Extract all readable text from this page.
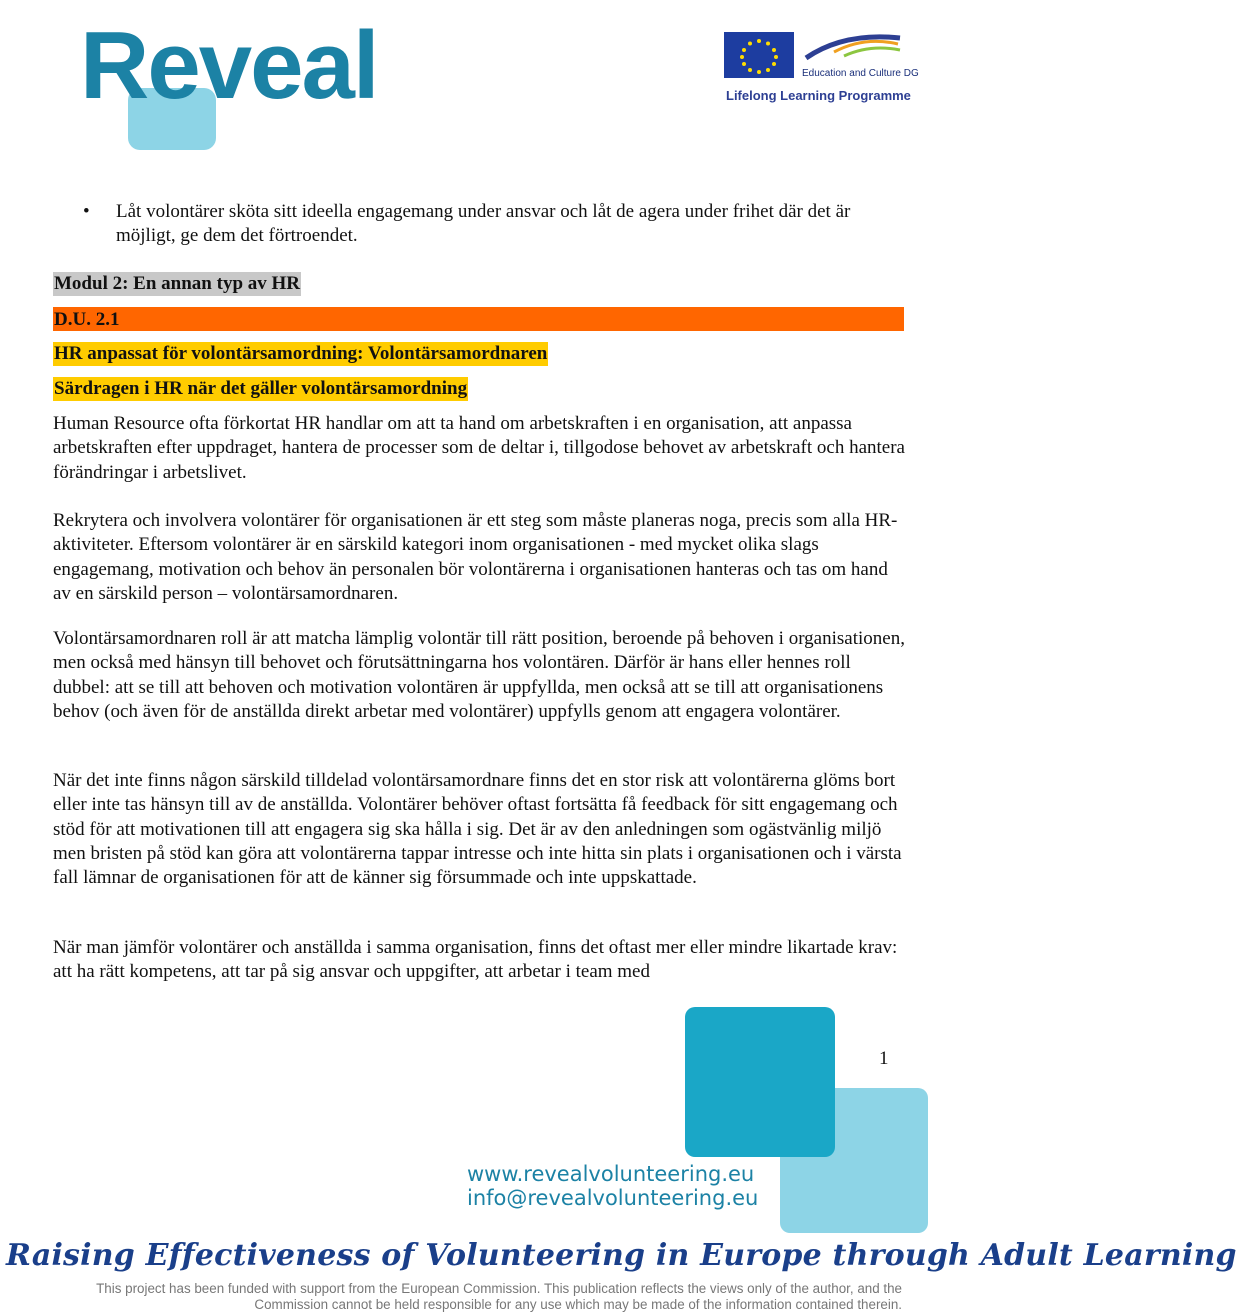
Reveal	Education and Culture DG
Lifelong Learning Programme
• Låt volontärer sköta sitt ideella engagemang under ansvar och låt de agera under frihet där det är möjligt, ge dem det förtroendet.
Modul 2: En annan typ av HR
D.U. 2.1
HR anpassat för volontärsamordning: Volontärsamordnaren
Särdragen i HR när det gäller volontärsamordning
Human Resource ofta förkortat HR handlar om att ta hand om arbetskraften i en organisation, att anpassa arbetskraften efter uppdraget, hantera de processer som de deltar i, tillgodose behovet av arbetskraft och hantera förändringar i arbetslivet.
Rekrytera och involvera volontärer för organisationen är ett steg som måste planeras noga, precis som alla HR- aktiviteter. Eftersom volontärer är en särskild kategori inom organisationen - med mycket olika slags engagemang, motivation och behov än personalen bör volontärerna i organisationen hanteras och tas om hand av en särskild person – volontärsamordnaren.
Volontärsamordnaren roll är att matcha lämplig volontär till rätt position, beroende på behoven i organisationen, men också med hänsyn till behovet och förutsättningarna hos volontären. Därför är hans eller hennes roll dubbel: att se till att behoven och motivation volontären är uppfyllda, men också att se till att organisationens behov (och även för de anställda direkt arbetar med volontärer) uppfylls genom att engagera volontärer.
När det inte finns någon särskild tilldelad volontärsamordnare finns det en stor risk att volontärerna glöms bort eller inte tas hänsyn till av de anställda. Volontärer behöver oftast fortsätta få feedback för sitt engagemang och stöd för att motivationen till att engagera sig ska hålla i sig. Det är av den anledningen som ogästvänlig miljö men bristen på stöd kan göra att volontärerna tappar intresse och inte hitta sin plats i organisationen och i värsta fall lämnar de organisationen för att de känner sig försummade och inte uppskattade.
När man jämför volontärer och anställda i samma organisation, finns det oftast mer eller mindre likartade krav: att ha rätt kompetens, att tar på sig ansvar och uppgifter, att arbetar i team med
1
www.revealvolunteering.eu
info@revealvolunteering.eu
Raising Effectiveness of Volunteering in Europe through Adult Learning
This project has been funded with support from the European Commission. This publication reflects the views only of the author, and the Commission cannot be held responsible for any use which may be made of the information contained therein.
